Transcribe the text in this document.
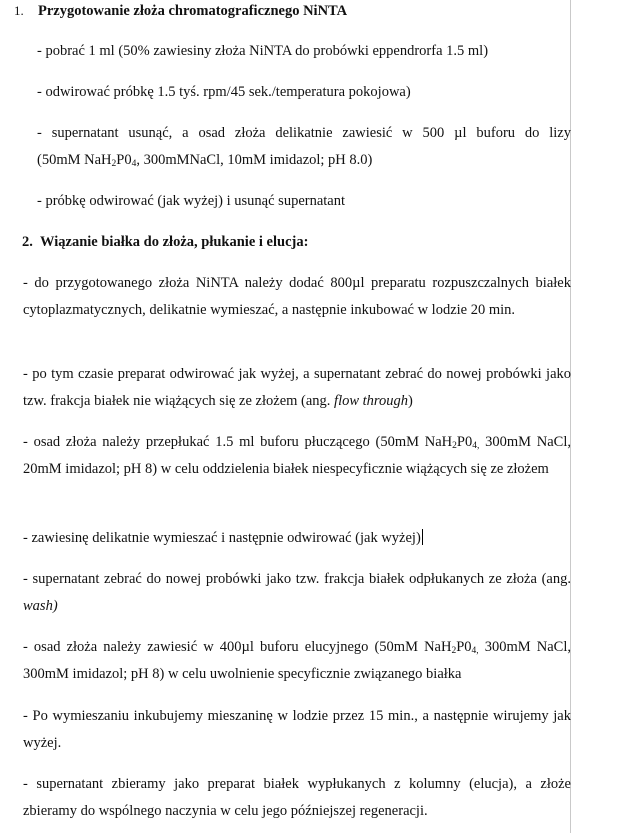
1. Przygotowanie złoża chromatograficznego NiNTA
- pobrać 1 ml (50% zawiesiny złoża NiNTA do probówki eppendrorfa 1.5 ml)
- odwirować próbkę 1.5 tyś. rpm/45 sek./temperatura pokojowa)
- supernatant usunąć, a osad złoża delikatnie zawiesić w 500 µl buforu do lizy
(50mM $NaH_2P0_4$, 300mMNaCl, 10mM imidazol; pH 8.0)
- próbkę odwirować (jak wyżej) i usunąć supernatant
2. Wiązanie białka do złoża, płukanie i elucja:
- do przygotowanego złoża NiNTA należy dodać 800µl preparatu rozpuszczalnych białek cytoplazmatycznych, delikatnie wymieszać, a następnie inkubować w lodzie 20 min.
- po tym czasie preparat odwirować jak wyżej, a supernatant zebrać do nowej probówki jako tzw. frakcja białek nie wiążących się ze złożem (ang. flow through)
- osad złoża należy przepłukać 1.5 ml buforu płuczącego (50mM $NaH_2P0_{4,}$ 300mM NaCl, 20mM imidazol; pH 8) w celu oddzielenia białek niespecyficznie wiążących się ze złożem
- zawiesinę delikatnie wymieszać i następnie odwirować (jak wyżej)
- supernatant zebrać do nowej probówki jako tzw. frakcja białek odpłukanych ze złoża (ang. wash)
- osad złoża należy zawiesić w 400µl buforu elucyjnego (50mM $NaH_2P0_{4,}$ 300mM NaCl, 300mM imidazol; pH 8) w celu uwolnienie specyficznie związanego białka
- Po wymieszaniu inkubujemy mieszaninę w lodzie przez 15 min., a następnie wirujemy jak wyżej.
- supernatant zbieramy jako preparat białek wypłukanych z kolumny (elucja), a złoże zbieramy do wspólnego naczynia w celu jego późniejszej regeneracji.
